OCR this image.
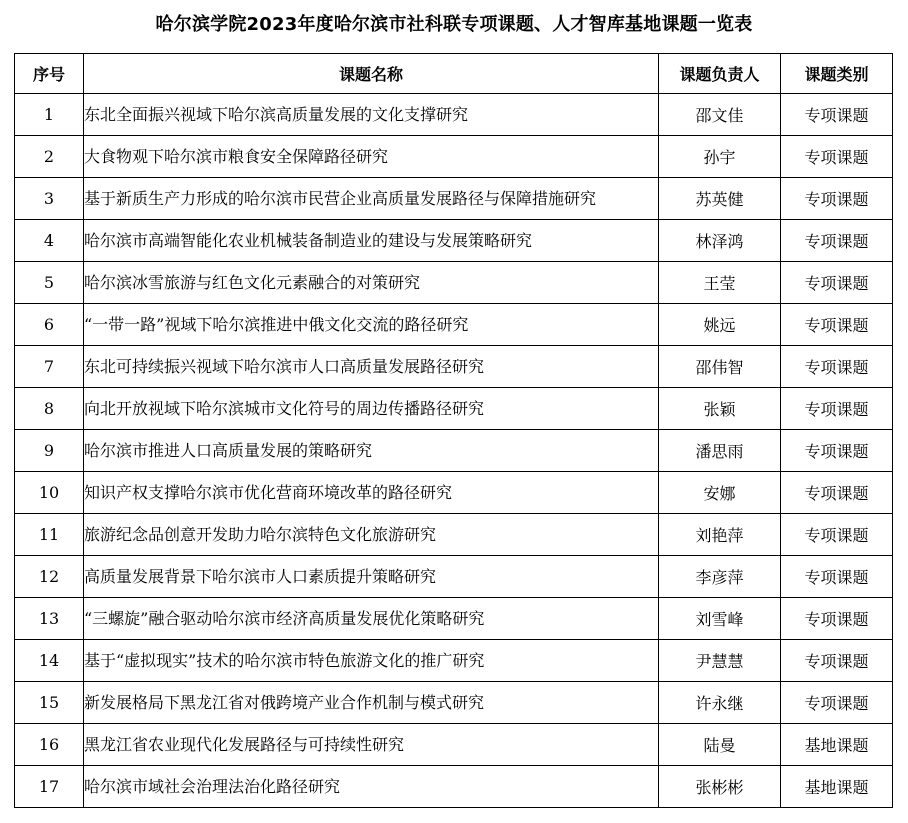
哈尔滨学院2023年度哈尔滨市社科联专项课题、人才智库基地课题一览表
序号	课题名称	课题负责人	课题类别
1	东北全面振兴视域下哈尔滨高质量发展的文化支撑研究	邵文佳	专项课题
2	大食物观下哈尔滨市粮食安全保障路径研究	孙宇	专项课题
3	基于新质生产力形成的哈尔滨市民营企业高质量发展路径与保障措施研究	苏英健	专项课题
4	哈尔滨市高端智能化农业机械装备制造业的建设与发展策略研究	林泽鸿	专项课题
5	哈尔滨冰雪旅游与红色文化元素融合的对策研究	王莹	专项课题
6	“一带一路”视域下哈尔滨推进中俄文化交流的路径研究	姚远	专项课题
7	东北可持续振兴视域下哈尔滨市人口高质量发展路径研究	邵伟智	专项课题
8	向北开放视域下哈尔滨城市文化符号的周边传播路径研究	张颖	专项课题
9	哈尔滨市推进人口高质量发展的策略研究	潘思雨	专项课题
10	知识产权支撑哈尔滨市优化营商环境改革的路径研究	安娜	专项课题
11	旅游纪念品创意开发助力哈尔滨特色文化旅游研究	刘艳萍	专项课题
12	高质量发展背景下哈尔滨市人口素质提升策略研究	李彦萍	专项课题
13	“三螺旋”融合驱动哈尔滨市经济高质量发展优化策略研究	刘雪峰	专项课题
14	基于“虚拟现实”技术的哈尔滨市特色旅游文化的推广研究	尹慧慧	专项课题
15	新发展格局下黑龙江省对俄跨境产业合作机制与模式研究	许永继	专项课题
16	黑龙江省农业现代化发展路径与可持续性研究	陆曼	基地课题
17	哈尔滨市域社会治理法治化路径研究	张彬彬	基地课题
